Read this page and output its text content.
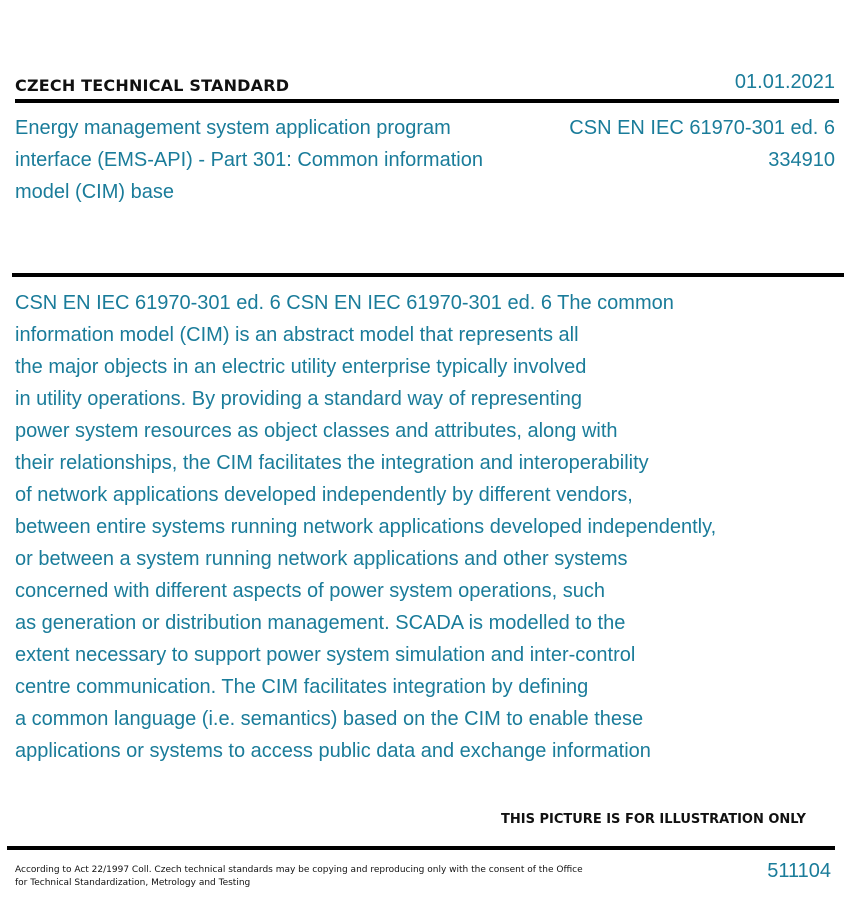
CZECH TECHNICAL STANDARD	01.01.2021
Energy management system application program interface (EMS-API) - Part 301: Common information model (CIM) base
CSN EN IEC 61970-301 ed. 6
334910
CSN EN IEC 61970-301 ed. 6 CSN EN IEC 61970-301 ed. 6 The common
information model (CIM) is an abstract model that represents all
the major objects in an electric utility enterprise typically involved
in utility operations. By providing a standard way of representing
power system resources as object classes and attributes, along with
their relationships, the CIM facilitates the integration and interoperability
of network applications developed independently by different vendors,
between entire systems running network applications developed independently,
or between a system running network applications and other systems
concerned with different aspects of power system operations, such
as generation or distribution management. SCADA is modelled to the
extent necessary to support power system simulation and inter-control
centre communication. The CIM facilitates integration by defining
a common language (i.e. semantics) based on the CIM to enable these
applications or systems to access public data and exchange information
THIS PICTURE IS FOR ILLUSTRATION ONLY
According to Act 22/1997 Coll. Czech technical standards may be copying and reproducing only with the consent of the Office
for Technical Standardization, Metrology and Testing
511104
